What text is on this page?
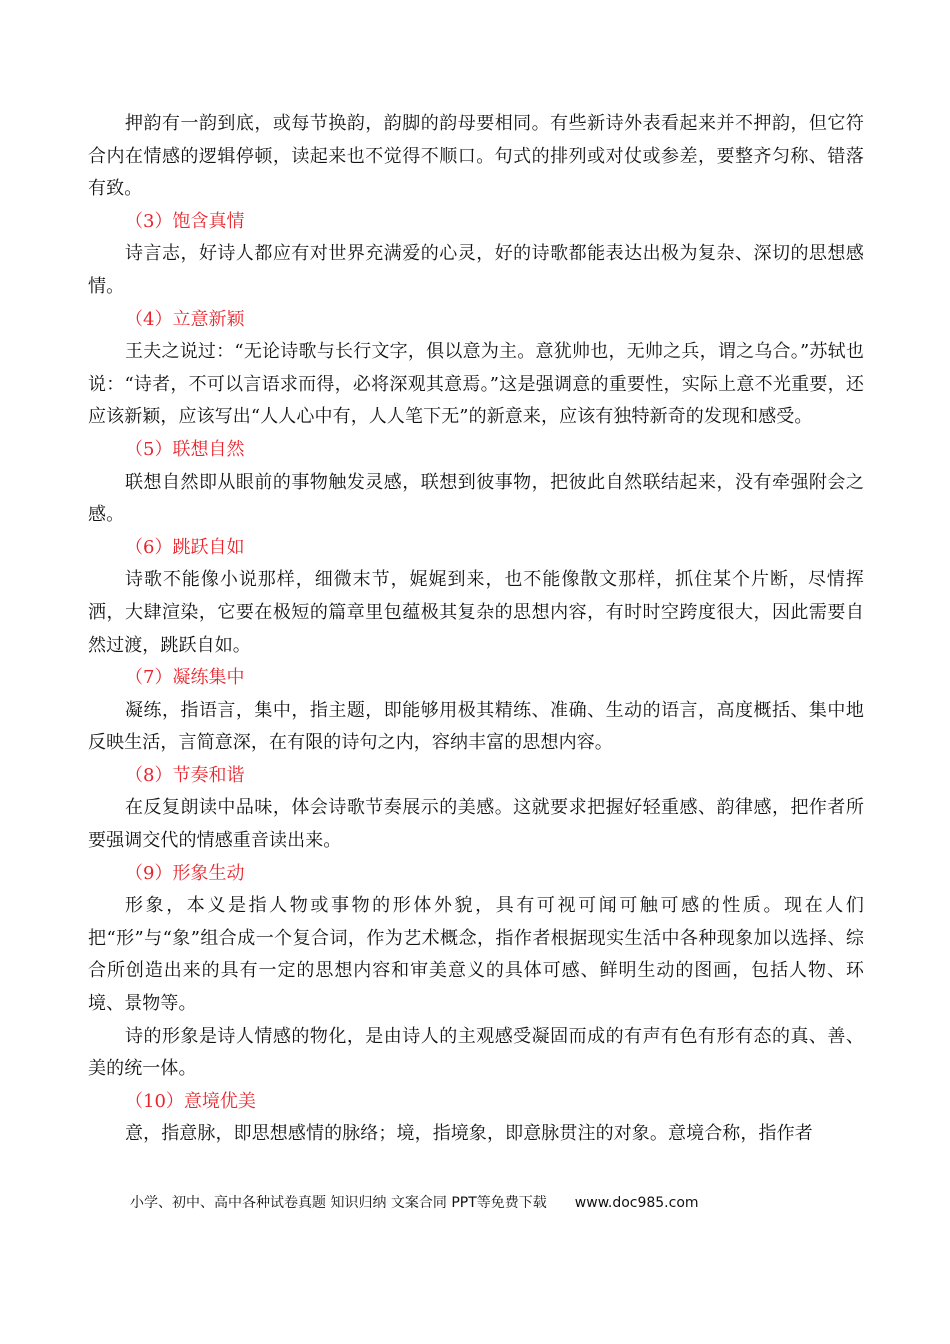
押韵有一韵到底，或每节换韵，韵脚的韵母要相同。有些新诗外表看起来并不押韵，但它符合内在情感的逻辑停顿，读起来也不觉得不顺口。句式的排列或对仗或参差，要整齐匀称、错落有致。

（3）饱含真情

诗言志，好诗人都应有对世界充满爱的心灵，好的诗歌都能表达出极为复杂、深切的思想感情。

（4）立意新颖

王夫之说过：“无论诗歌与长行文字，俱以意为主。意犹帅也，无帅之兵，谓之乌合。”苏轼也说：“诗者，不可以言语求而得，必将深观其意焉。”这是强调意的重要性，实际上意不光重要，还应该新颖，应该写出“人人心中有，人人笔下无”的新意来，应该有独特新奇的发现和感受。

（5）联想自然

联想自然即从眼前的事物触发灵感，联想到彼事物，把彼此自然联结起来，没有牵强附会之感。

（6）跳跃自如

诗歌不能像小说那样，细微末节，娓娓到来，也不能像散文那样，抓住某个片断，尽情挥洒，大肆渲染，它要在极短的篇章里包蕴极其复杂的思想内容，有时时空跨度很大，因此需要自然过渡，跳跃自如。

（7）凝练集中

凝练，指语言，集中，指主题，即能够用极其精练、准确、生动的语言，高度概括、集中地反映生活，言简意深，在有限的诗句之内，容纳丰富的思想内容。

（8）节奏和谐

在反复朗读中品味，体会诗歌节奏展示的美感。这就要求把握好轻重感、韵律感，把作者所要强调交代的情感重音读出来。

（9）形象生动

形象，本义是指人物或事物的形体外貌，具有可视可闻可触可感的性质。现在人们把“形”与“象”组合成一个复合词，作为艺术概念，指作者根据现实生活中各种现象加以选择、综合所创造出来的具有一定的思想内容和审美意义的具体可感、鲜明生动的图画，包括人物、环境、景物等。

诗的形象是诗人情感的物化，是由诗人的主观感受凝固而成的有声有色有形有态的真、善、美的统一体。

（10）意境优美

意，指意脉，即思想感情的脉络；境，指境象，即意脉贯注的对象。意境合称，指作者

小学、初中、高中各种试卷真题 知识归纳 文案合同 PPT等免费下载 www.doc985.com
